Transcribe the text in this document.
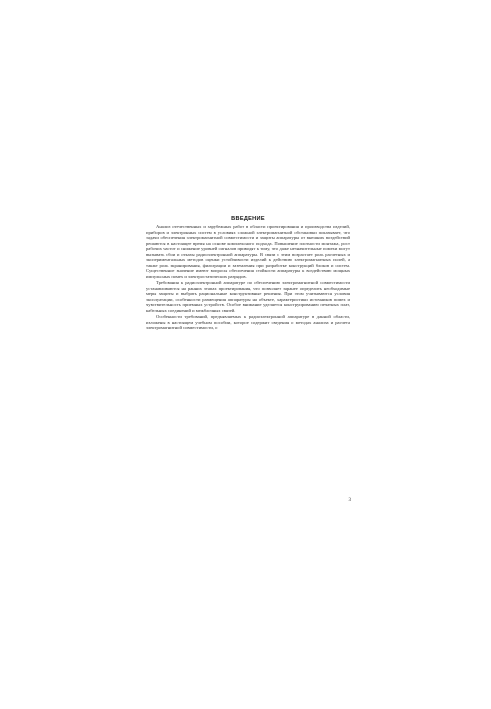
ВВЕДЕНИЕ

Анализ отечественных и зарубежных работ в области проектирования и производства изделий, приборов и электронных систем в условиях сложной электромагнитной обстановки показывает, что задачи обеспечения электромагнитной совместимости и защиты аппаратуры от внешних воздействий решаются в настоящее время на основе комплексного подхода. Повышение плотности монтажа, рост рабочих частот и снижение уровней сигналов приводят к тому, что даже незначительные помехи могут вызывать сбои и отказы радиоэлектронной аппаратуры. В связи с этим возрастает роль расчетных и экспериментальных методов оценки устойчивости изделий к действию электромагнитных полей, а также роль экранирования, фильтрации и заземления при разработке конструкций блоков и систем. Существенное значение имеют вопросы обеспечения стойкости аппаратуры к воздействию мощных импульсных помех и электростатических разрядов.

Требования к радиоэлектронной аппаратуре по обеспечению электромагнитной совместимости устанавливаются на ранних этапах проектирования, что позволяет заранее определить необходимые меры защиты и выбрать рациональные конструктивные решения. При этом учитываются условия эксплуатации, особенности размещения аппаратуры на объекте, характеристики источников помех и чувствительность приемных устройств. Особое внимание уделяется конструированию печатных плат, кабельных соединений и межблочных связей.

Особенности требований, предъявляемых к радиоэлектронной аппаратуре в данной области, изложены в настоящем учебном пособии, которое содержит сведения о методах анализа и расчета электромагнитной совместимости, о

3
